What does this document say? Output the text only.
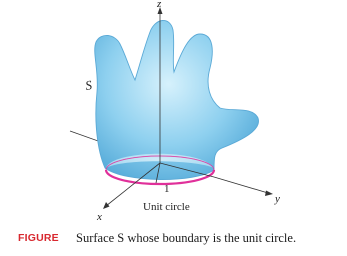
z
y
x
S
1
Unit circle
FIGURE Surface S whose boundary is the unit circle.
